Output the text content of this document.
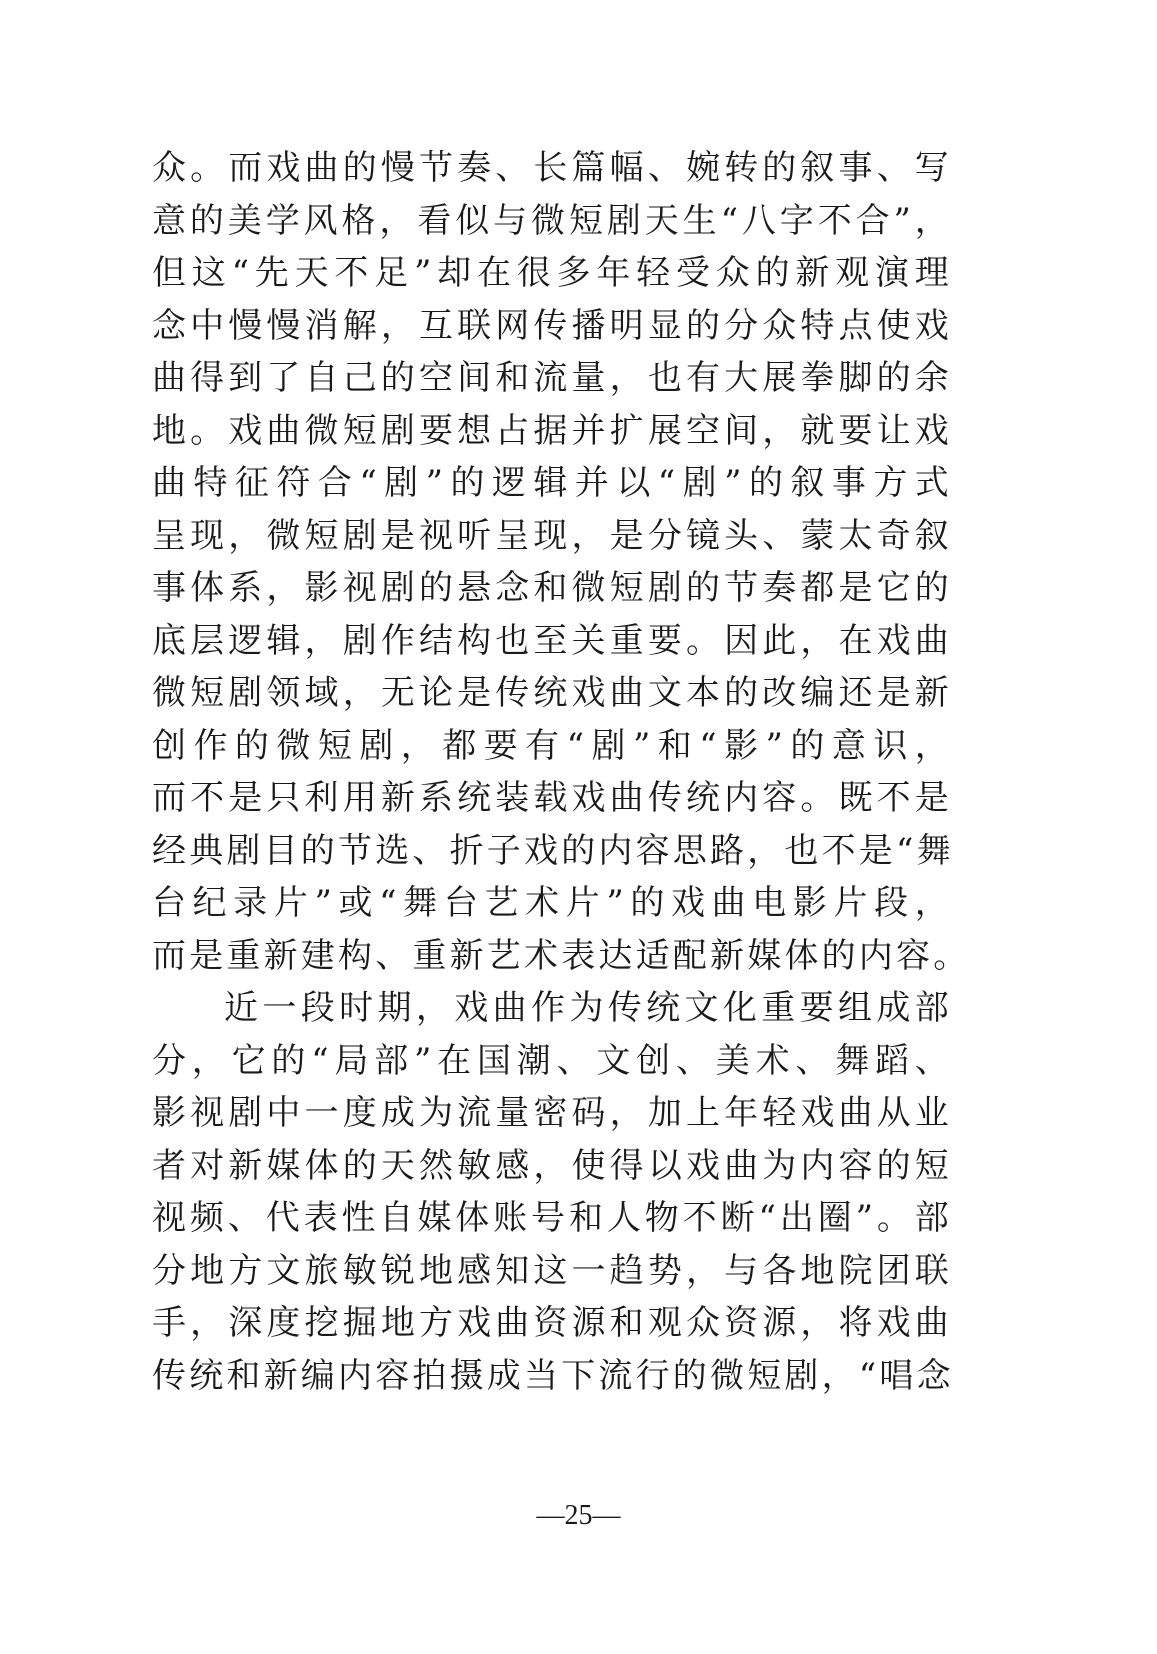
众。而戏曲的慢节奏、长篇幅、婉转的叙事、写
意的美学风格，看似与微短剧天生“八字不合”，
但这“先天不足”却在很多年轻受众的新观演理
念中慢慢消解，互联网传播明显的分众特点使戏
曲得到了自己的空间和流量，也有大展拳脚的余
地。戏曲微短剧要想占据并扩展空间，就要让戏
曲特征符合“剧”的逻辑并以“剧”的叙事方式
呈现，微短剧是视听呈现，是分镜头、蒙太奇叙
事体系，影视剧的悬念和微短剧的节奏都是它的
底层逻辑，剧作结构也至关重要。因此，在戏曲
微短剧领域，无论是传统戏曲文本的改编还是新
创作的微短剧，都要有“剧”和“影”的意识，
而不是只利用新系统装载戏曲传统内容。既不是
经典剧目的节选、折子戏的内容思路，也不是“舞
台纪录片”或“舞台艺术片”的戏曲电影片段，
而是重新建构、重新艺术表达适配新媒体的内容。
近一段时期，戏曲作为传统文化重要组成部
分，它的“局部”在国潮、文创、美术、舞蹈、
影视剧中一度成为流量密码，加上年轻戏曲从业
者对新媒体的天然敏感，使得以戏曲为内容的短
视频、代表性自媒体账号和人物不断“出圈”。部
分地方文旅敏锐地感知这一趋势，与各地院团联
手，深度挖掘地方戏曲资源和观众资源，将戏曲
传统和新编内容拍摄成当下流行的微短剧，“唱念
—25—
